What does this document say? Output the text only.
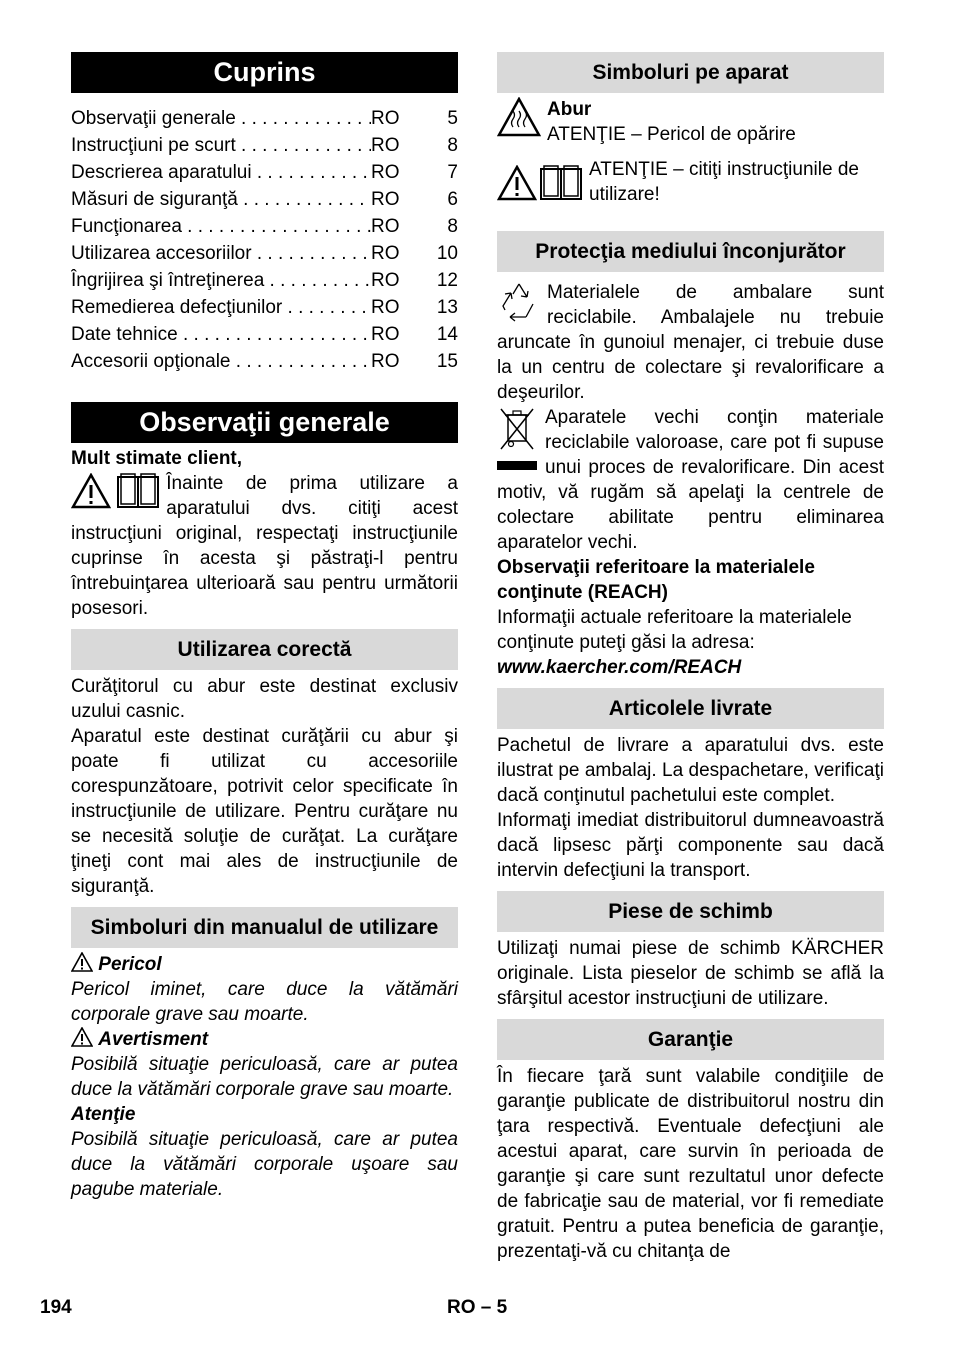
Cuprins
Observaţii generale . . .	RO	5
Instrucţiuni pe scurt . . .	RO	8
Descrierea aparatului . . .	RO	7
Măsuri de siguranţă . . .	RO	6
Funcţionarea . . .	RO	8
Utilizarea accesoriilor . . .	RO	10
Îngrijirea şi întreţinerea . . .	RO	12
Remedierea defecţiunilor . . .	RO	13
Date tehnice . . .	RO	14
Accesorii opţionale . . .	RO	15
Observaţii generale

Mult stimate client,

Înainte de prima utilizare a aparatului dvs. citiţi acest instrucţiuni original, respectaţi instrucţiunile cuprinse în acesta şi păstraţi-l pentru întrebuinţarea ulterioară sau pentru următorii posesori.

Utilizarea corectă

Curăţitorul cu abur este destinat exclusiv uzului casnic.

Aparatul este destinat curăţării cu abur şi poate fi utilizat cu accesoriile corespunzătoare, potrivit celor specificate în instrucţiunile de utilizare. Pentru curăţare nu se necesită soluţie de curăţat. La curăţare ţineţi cont mai ales de instrucţiunile de siguranţă.

Simboluri din manualul de utilizare

Pericol

Pericol iminet, care duce la vătămări corporale grave sau moarte.

Avertisment

Posibilă situaţie periculoasă, care ar putea duce la vătămări corporale grave sau moarte.

Atenţie

Posibilă situaţie periculoasă, care ar putea duce la vătămări corporale uşoare sau pagube materiale.

Simboluri pe aparat

Abur

ATENŢIE – Pericol de opărire

ATENŢIE – citiţi instrucţiunile de utilizare!

Protecţia mediului înconjurător

Materialele de ambalare sunt reciclabile. Ambalajele nu trebuie aruncate în gunoiul menajer, ci trebuie duse la un centru de colectare şi revalorificare a deşeurilor.

Aparatele vechi conţin materiale reciclabile valoroase, care pot fi supuse unui proces de revalorificare. Din acest motiv, vă rugăm să apelaţi la centrele de colectare abilitate pentru eliminarea aparatelor vechi.

Observaţii referitoare la materialele conţinute (REACH)

Informaţii actuale referitoare la materialele conţinute puteţi găsi la adresa:

www.kaercher.com/REACH

Articolele livrate

Pachetul de livrare a aparatului dvs. este ilustrat pe ambalaj. La despachetare, verificaţi dacă conţinutul pachetului este complet.

Informaţi imediat distribuitorul dumneavoastră dacă lipsesc părţi componente sau dacă intervin defecţiuni la transport.

Piese de schimb

Utilizaţi numai piese de schimb KÄRCHER originale. Lista pieselor de schimb se află la sfârşitul acestor instrucţiuni de utilizare.

Garanţie

În fiecare ţară sunt valabile condiţiile de garanţie publicate de distribuitorul nostru din ţara respectivă. Eventuale defecţiuni ale acestui aparat, care survin în perioada de garanţie şi care sunt rezultatul unor defecte de fabricaţie sau de material, vor fi remediate gratuit. Pentru a putea beneficia de garanţie, prezentaţi-vă cu chitanţa de

194	RO – 5
